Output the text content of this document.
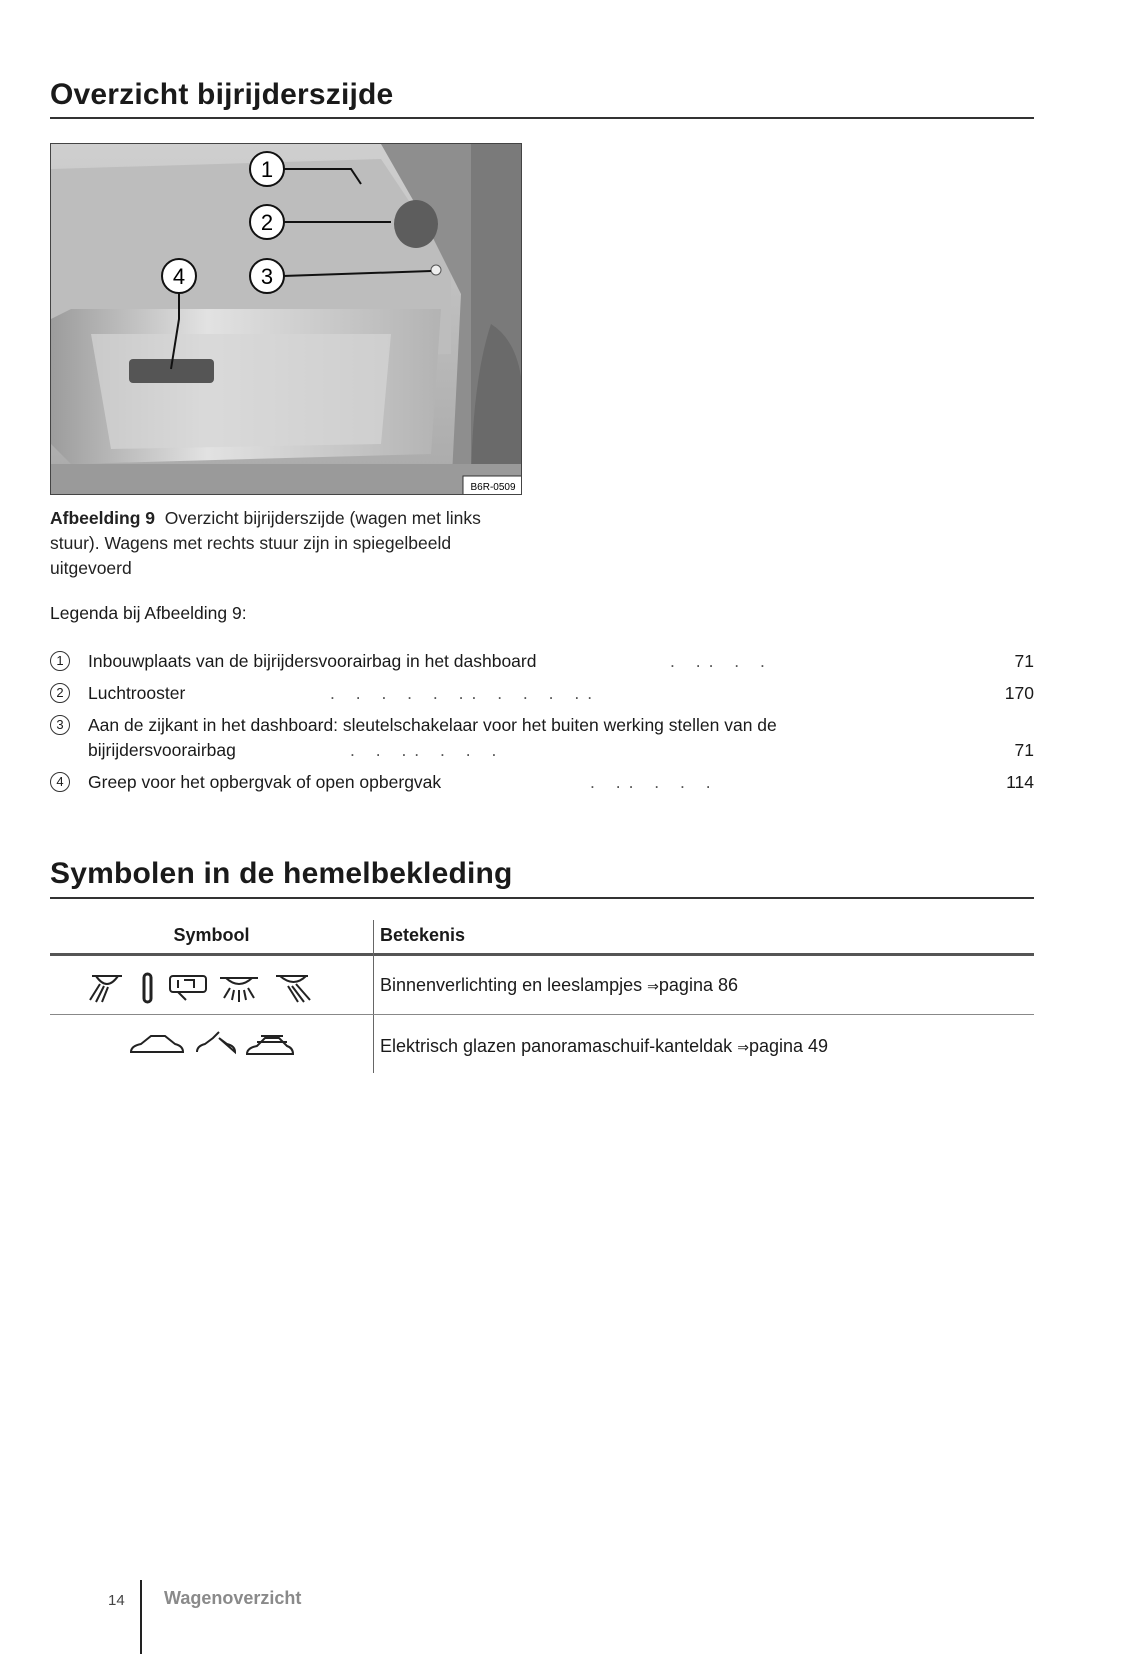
Overzicht bijrijderszijde
1
2
3
4
B6R-0509
Afbeelding 9 Overzicht bijrijderszijde (wagen met links stuur). Wagens met rechts stuur zijn in spiegelbeeld uitgevoerd
Legenda bij Afbeelding 9:
1	Inbouwplaats van de bijrijdersvoorairbag in het dashboard	. .. . .	71
2	Luchtrooster	. . . . . .. . . . ..	170
3	Aan de zijkant in het dashboard: sleutelschakelaar voor het buiten werking stellen van de
bijrijdersvoorairbag	. . .. . . .	71
4	Greep voor het opbergvak of open opbergvak	. .. . . .	114
Symbolen in de hemelbekleding
Symbool	Betekenis
Binnenverlichting en leeslampjes ⇒pagina 86
Elektrisch glazen panoramaschuif-kanteldak ⇒pagina 49
14 Wagenoverzicht
